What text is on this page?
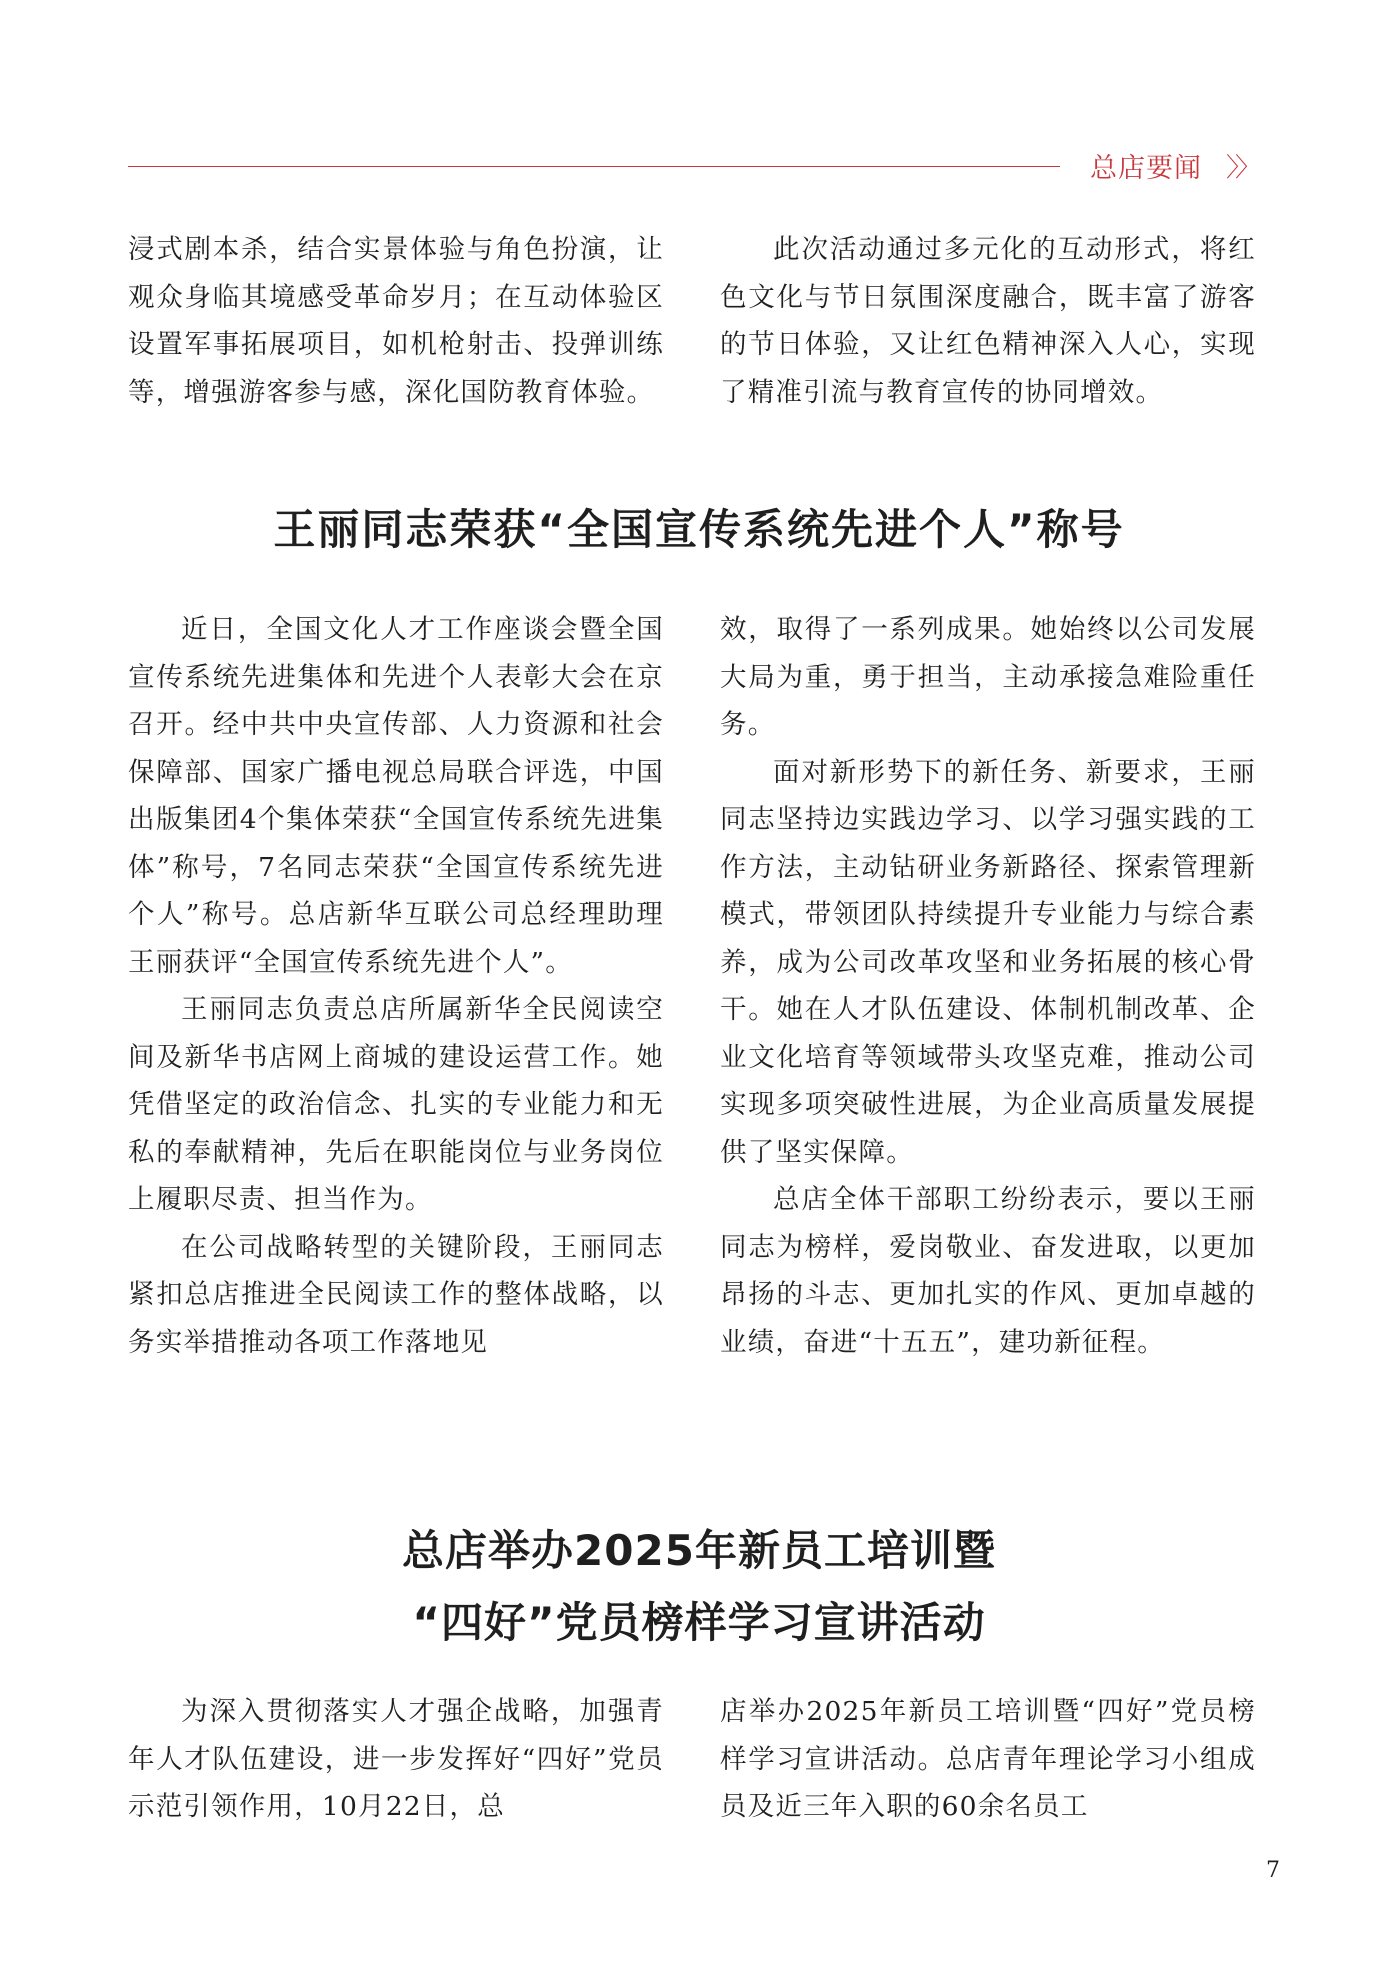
总店要闻 〉〉

浸式剧本杀，结合实景体验与角色扮演，让观众身临其境感受革命岁月；在互动体验区设置军事拓展项目，如机枪射击、投弹训练等，增强游客参与感，深化国防教育体验。

此次活动通过多元化的互动形式，将红色文化与节日氛围深度融合，既丰富了游客的节日体验，又让红色精神深入人心，实现了精准引流与教育宣传的协同增效。

王丽同志荣获“全国宣传系统先进个人”称号

近日，全国文化人才工作座谈会暨全国宣传系统先进集体和先进个人表彰大会在京召开。经中共中央宣传部、人力资源和社会保障部、国家广播电视总局联合评选，中国出版集团4个集体荣获“全国宣传系统先进集体”称号，7名同志荣获“全国宣传系统先进个人”称号。总店新华互联公司总经理助理王丽获评“全国宣传系统先进个人”。

王丽同志负责总店所属新华全民阅读空间及新华书店网上商城的建设运营工作。她凭借坚定的政治信念、扎实的专业能力和无私的奉献精神，先后在职能岗位与业务岗位上履职尽责、担当作为。

在公司战略转型的关键阶段，王丽同志紧扣总店推进全民阅读工作的整体战略，以务实举措推动各项工作落地见

效，取得了一系列成果。她始终以公司发展大局为重，勇于担当，主动承接急难险重任务。

面对新形势下的新任务、新要求，王丽同志坚持边实践边学习、以学习强实践的工作方法，主动钻研业务新路径、探索管理新模式，带领团队持续提升专业能力与综合素养，成为公司改革攻坚和业务拓展的核心骨干。她在人才队伍建设、体制机制改革、企业文化培育等领域带头攻坚克难，推动公司实现多项突破性进展，为企业高质量发展提供了坚实保障。

总店全体干部职工纷纷表示，要以王丽同志为榜样，爱岗敬业、奋发进取，以更加昂扬的斗志、更加扎实的作风、更加卓越的业绩，奋进“十五五”，建功新征程。

总店举办2025年新员工培训暨
“四好”党员榜样学习宣讲活动

为深入贯彻落实人才强企战略，加强青年人才队伍建设，进一步发挥好“四好”党员示范引领作用，10月22日，总

店举办2025年新员工培训暨“四好”党员榜样学习宣讲活动。总店青年理论学习小组成员及近三年入职的60余名员工

7
